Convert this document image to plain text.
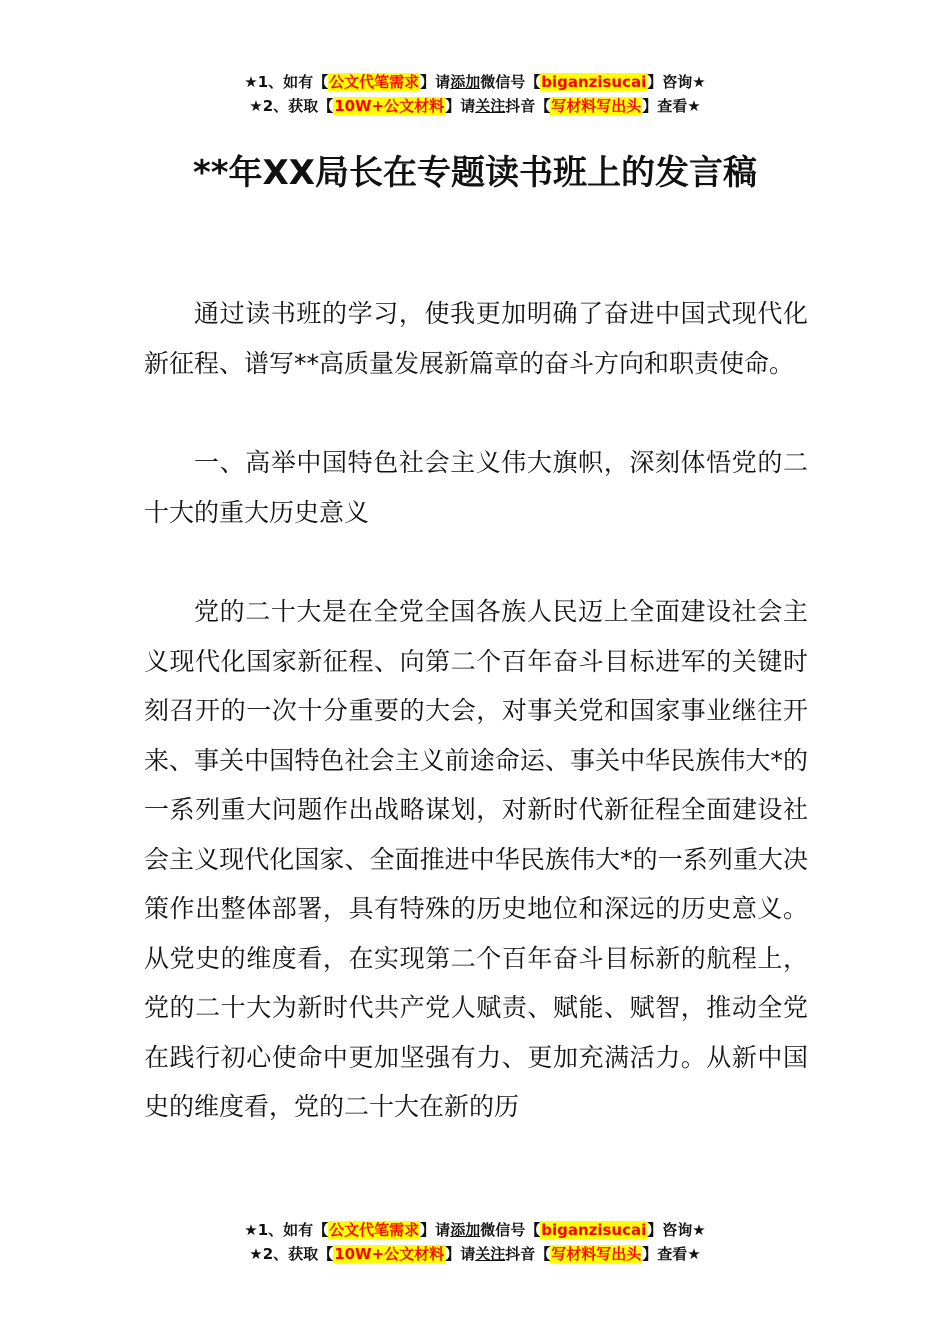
★1、如有【公文代笔需求】请添加微信号【biganzisucai】咨询★
★2、获取【10W+公文材料】请关注抖音【写材料写出头】查看★
**年XX局长在专题读书班上的发言稿

通过读书班的学习，使我更加明确了奋进中国式现代化新征程、谱写**高质量发展新篇章的奋斗方向和职责使命。

一、高举中国特色社会主义伟大旗帜，深刻体悟党的二十大的重大历史意义

党的二十大是在全党全国各族人民迈上全面建设社会主义现代化国家新征程、向第二个百年奋斗目标进军的关键时刻召开的一次十分重要的大会，对事关党和国家事业继往开来、事关中国特色社会主义前途命运、事关中华民族伟大*的一系列重大问题作出战略谋划，对新时代新征程全面建设社会主义现代化国家、全面推进中华民族伟大*的一系列重大决策作出整体部署，具有特殊的历史地位和深远的历史意义。从党史的维度看，在实现第二个百年奋斗目标新的航程上，党的二十大为新时代共产党人赋责、赋能、赋智，推动全党在践行初心使命中更加坚强有力、更加充满活力。从新中国史的维度看，党的二十大在新的历

★1、如有【公文代笔需求】请添加微信号【biganzisucai】咨询★
★2、获取【10W+公文材料】请关注抖音【写材料写出头】查看★
